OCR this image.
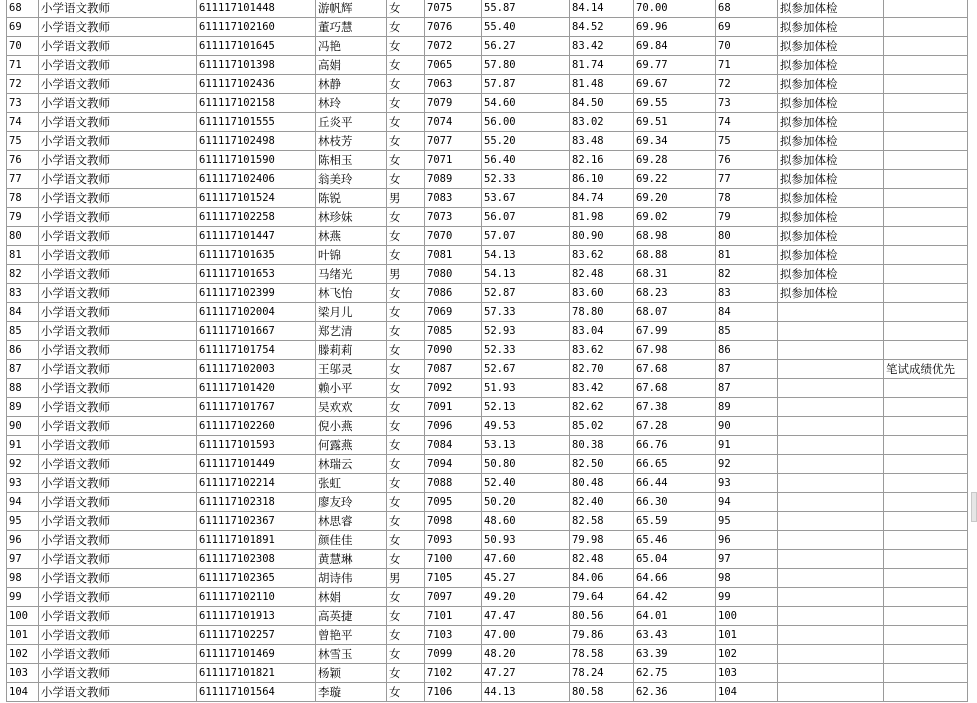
68	小学语文教师	611117101448	游帆辉	女	7075	55.87	84.14	70.00	68	拟参加体检	
69	小学语文教师	611117102160	董巧慧	女	7076	55.40	84.52	69.96	69	拟参加体检	
70	小学语文教师	611117101645	冯艳	女	7072	56.27	83.42	69.84	70	拟参加体检	
71	小学语文教师	611117101398	高娟	女	7065	57.80	81.74	69.77	71	拟参加体检	
72	小学语文教师	611117102436	林静	女	7063	57.87	81.48	69.67	72	拟参加体检	
73	小学语文教师	611117102158	林玲	女	7079	54.60	84.50	69.55	73	拟参加体检	
74	小学语文教师	611117101555	丘炎平	女	7074	56.00	83.02	69.51	74	拟参加体检	
75	小学语文教师	611117102498	林枝芳	女	7077	55.20	83.48	69.34	75	拟参加体检	
76	小学语文教师	611117101590	陈相玉	女	7071	56.40	82.16	69.28	76	拟参加体检	
77	小学语文教师	611117102406	翁美玲	女	7089	52.33	86.10	69.22	77	拟参加体检	
78	小学语文教师	611117101524	陈锐	男	7083	53.67	84.74	69.20	78	拟参加体检	
79	小学语文教师	611117102258	林珍妹	女	7073	56.07	81.98	69.02	79	拟参加体检	
80	小学语文教师	611117101447	林燕	女	7070	57.07	80.90	68.98	80	拟参加体检	
81	小学语文教师	611117101635	叶锦	女	7081	54.13	83.62	68.88	81	拟参加体检	
82	小学语文教师	611117101653	马绪光	男	7080	54.13	82.48	68.31	82	拟参加体检	
83	小学语文教师	611117102399	林飞怡	女	7086	52.87	83.60	68.23	83	拟参加体检	
84	小学语文教师	611117102004	梁月儿	女	7069	57.33	78.80	68.07	84		
85	小学语文教师	611117101667	郑艺清	女	7085	52.93	83.04	67.99	85		
86	小学语文教师	611117101754	滕莉莉	女	7090	52.33	83.62	67.98	86		
87	小学语文教师	611117102003	王邬灵	女	7087	52.67	82.70	67.68	87		笔试成绩优先
88	小学语文教师	611117101420	赖小平	女	7092	51.93	83.42	67.68	87		
89	小学语文教师	611117101767	吴欢欢	女	7091	52.13	82.62	67.38	89		
90	小学语文教师	611117102260	倪小燕	女	7096	49.53	85.02	67.28	90		
91	小学语文教师	611117101593	何露燕	女	7084	53.13	80.38	66.76	91		
92	小学语文教师	611117101449	林瑞云	女	7094	50.80	82.50	66.65	92		
93	小学语文教师	611117102214	张虹	女	7088	52.40	80.48	66.44	93		
94	小学语文教师	611117102318	廖友玲	女	7095	50.20	82.40	66.30	94		
95	小学语文教师	611117102367	林思睿	女	7098	48.60	82.58	65.59	95		
96	小学语文教师	611117101891	颜佳佳	女	7093	50.93	79.98	65.46	96		
97	小学语文教师	611117102308	黄慧琳	女	7100	47.60	82.48	65.04	97		
98	小学语文教师	611117102365	胡诗伟	男	7105	45.27	84.06	64.66	98		
99	小学语文教师	611117102110	林娟	女	7097	49.20	79.64	64.42	99		
100	小学语文教师	611117101913	高英捷	女	7101	47.47	80.56	64.01	100		
101	小学语文教师	611117102257	曾艳平	女	7103	47.00	79.86	63.43	101		
102	小学语文教师	611117101469	林雪玉	女	7099	48.20	78.58	63.39	102		
103	小学语文教师	611117101821	杨颖	女	7102	47.27	78.24	62.75	103		
104	小学语文教师	611117101564	李璇	女	7106	44.13	80.58	62.36	104		
